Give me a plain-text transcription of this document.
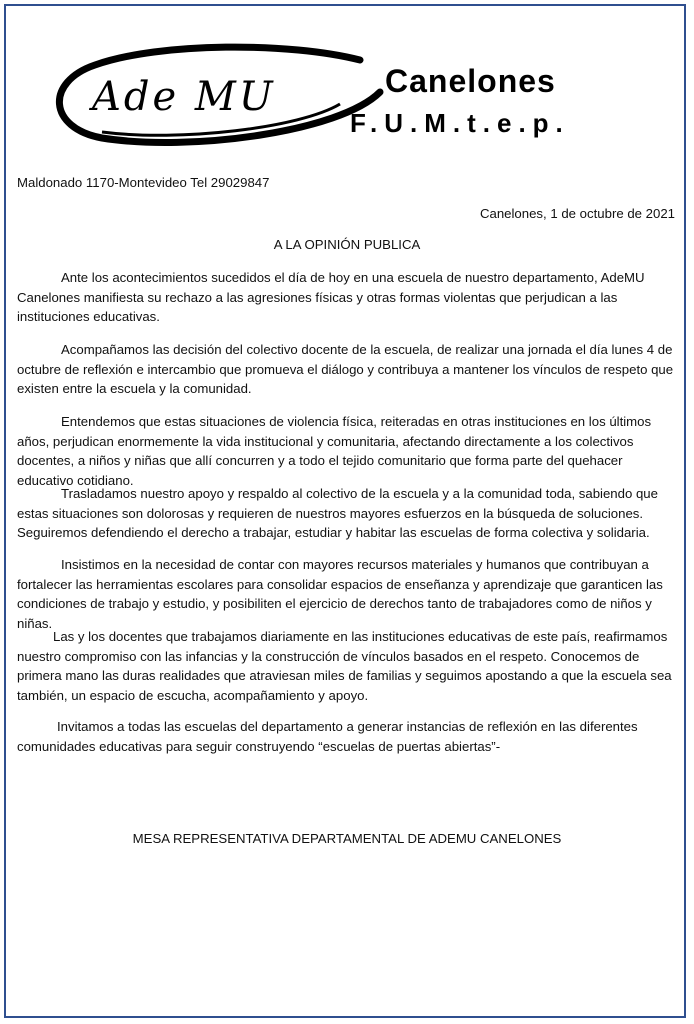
Ade MU	Canelones
F.U.M.t.e.p.
Maldonado 1170-Montevideo Tel 29029847
Canelones, 1 de octubre de 2021
A LA OPINIÓN PUBLICA
Ante los acontecimientos sucedidos el día de hoy en una escuela de nuestro departamento, AdeMU Canelones manifiesta su rechazo a las agresiones físicas y otras formas violentas que perjudican a las instituciones educativas.
Acompañamos las decisión del colectivo docente de la escuela, de realizar una jornada el día lunes 4 de octubre de reflexión e intercambio que promueva el diálogo y contribuya a mantener los vínculos de respeto que existen entre la escuela y la comunidad.
Entendemos que estas situaciones de violencia física, reiteradas en otras instituciones en los últimos años, perjudican enormemente la vida institucional y comunitaria, afectando directamente a los colectivos docentes, a niños y niñas que allí concurren y a todo el tejido comunitario que forma parte del quehacer educativo cotidiano.
Trasladamos nuestro apoyo y respaldo al colectivo de la escuela y a la comunidad toda, sabiendo que estas situaciones son dolorosas y requieren de nuestros mayores esfuerzos en la búsqueda de soluciones. Seguiremos defendiendo el derecho a trabajar, estudiar y habitar las escuelas de forma colectiva y solidaria.
Insistimos en la necesidad de contar con mayores recursos materiales y humanos que contribuyan a fortalecer las herramientas escolares para consolidar espacios de enseñanza y aprendizaje que garanticen las condiciones de trabajo y estudio, y posibiliten el ejercicio de derechos tanto de trabajadores como de niños y niñas.
Las y los docentes que trabajamos diariamente en las instituciones educativas de este país, reafirmamos nuestro compromiso con las infancias y la construcción de vínculos basados en el respeto. Conocemos de primera mano las duras realidades que atraviesan miles de familias y seguimos apostando a que la escuela sea también, un espacio de escucha, acompañamiento y apoyo.
Invitamos a todas las escuelas del departamento a generar instancias de reflexión en las diferentes comunidades educativas para seguir construyendo “escuelas de puertas abiertas”-
MESA REPRESENTATIVA DEPARTAMENTAL DE ADEMU CANELONES
